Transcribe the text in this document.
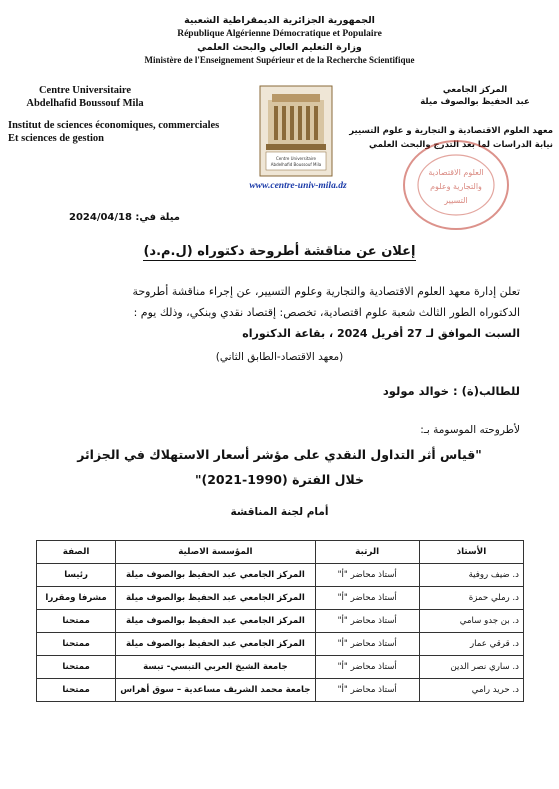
الجمهورية الجزائرية الديمقراطية الشعبية
République Algérienne Démocratique et Populaire
وزارة التعليم العالي والبحث العلمي
Ministère de l'Enseignement Supérieur et de la Recherche Scientifique
Centre Universitaire
Abdelhafid Boussouf Mila
Institut de sciences économiques, commerciales
Et sciences de gestion
المركز الجامعي
عبد الحفيظ بوالصوف ميلة
معهد العلوم الاقتصادية و التجارية و علوم التسيير
نيابة الدراسات لما بعد التدرج والبحث العلمي
العلوم الاقتصادية
والتجارية وعلوم
التسيير
Centre Universitaire
Abdelhafid Boussouf Mila
www.centre-univ-mila.dz
ميلة في: 2024/04/18
إعلان عن مناقشة أطروحة دكتوراه (ل.م.د)
تعلن إدارة معهد العلوم الاقتصادية والتجارية وعلوم التسيير، عن إجراء مناقشة أطروحة
الدكتوراه الطور الثالث شعبة علوم اقتصادية، تخصص: إقتصاد نقدي وبنكي، وذلك يوم :
السبت الموافق لـ 27 أفريل 2024 ، بقاعة الدكتوراه
(معهد الاقتصاد-الطابق الثاني)
للطالب(ة) : خوالد مولود
لأطروحته الموسومة بـ:
"قياس أثر التداول النقدي على مؤشر أسعار الاستهلاك في الجزائر
خلال الفترة (1990-2021)"
أمام لجنة المناقشة
الأستاذ	الرتبة	المؤسسة الاصلية	الصفة
د. ضيف روفية	أستاذ محاضر "أ"	المركز الجامعي عبد الحفيظ بوالصوف ميلة	رئيسا
د. رملي حمزة	أستاذ محاضر "أ"	المركز الجامعي عبد الحفيظ بوالصوف ميلة	مشرفا ومقررا
د. بن جدو سامي	أستاذ محاضر "أ"	المركز الجامعي عبد الحفيظ بوالصوف ميلة	ممتحنا
د. قرقي عمار	أستاذ محاضر "أ"	المركز الجامعي عبد الحفيظ بوالصوف ميلة	ممتحنا
د. ساري نصر الدين	أستاذ محاضر "أ"	جامعة الشيخ العربي التبسي- تبسة	ممتحنا
د. حريد رامي	أستاذ محاضر "أ"	جامعة محمد الشريف مساعدية – سوق أهراس	ممتحنا
